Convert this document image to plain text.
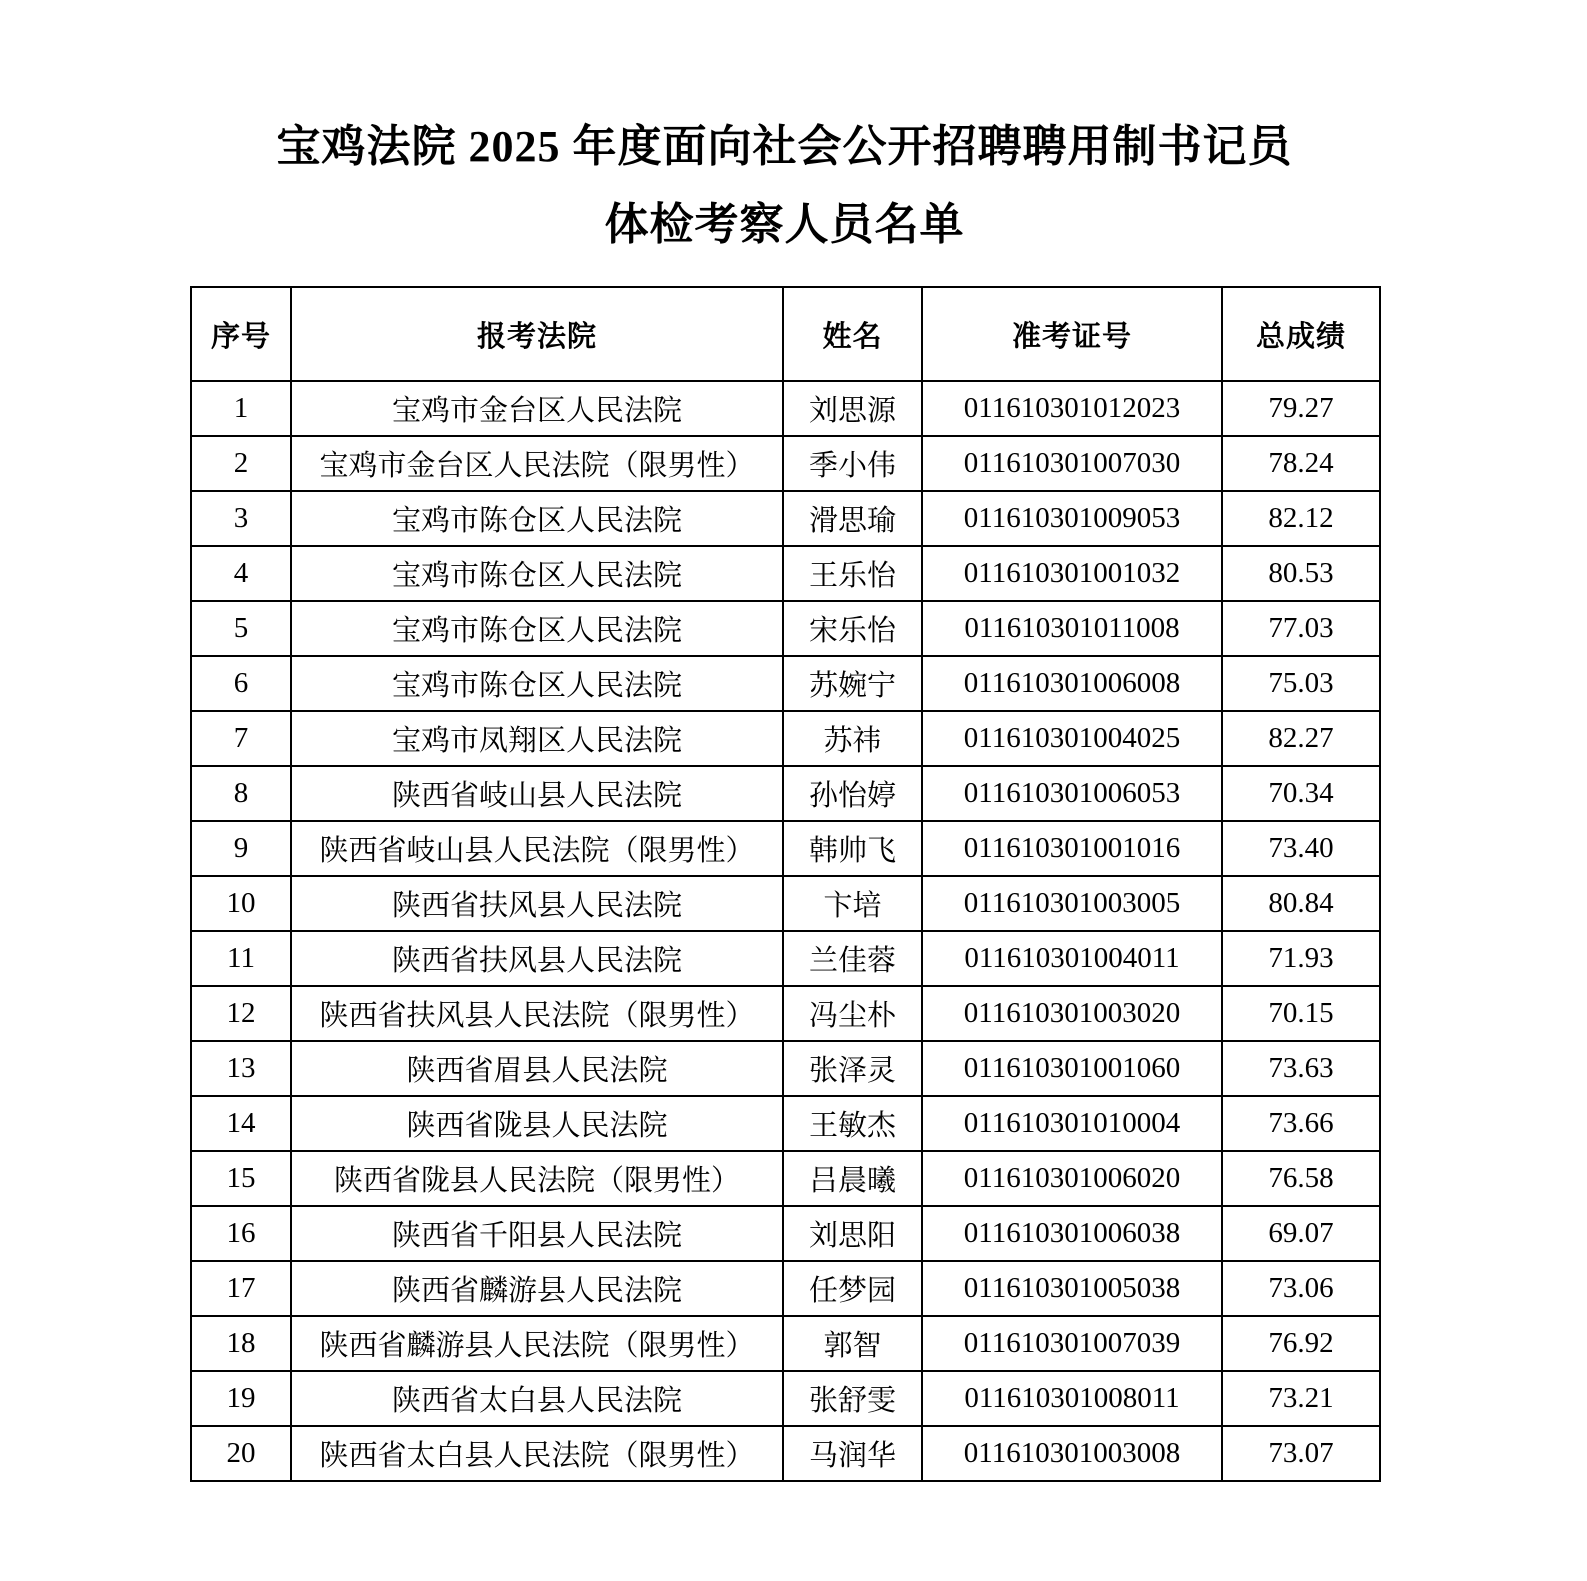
宝鸡法院 2025 年度面向社会公开招聘聘用制书记员
体检考察人员名单
序号	报考法院	姓名	准考证号	总成绩
1	宝鸡市金台区人民法院	刘思源	011610301012023	79.27
2	宝鸡市金台区人民法院（限男性）	季小伟	011610301007030	78.24
3	宝鸡市陈仓区人民法院	滑思瑜	011610301009053	82.12
4	宝鸡市陈仓区人民法院	王乐怡	011610301001032	80.53
5	宝鸡市陈仓区人民法院	宋乐怡	011610301011008	77.03
6	宝鸡市陈仓区人民法院	苏婉宁	011610301006008	75.03
7	宝鸡市凤翔区人民法院	苏祎	011610301004025	82.27
8	陕西省岐山县人民法院	孙怡婷	011610301006053	70.34
9	陕西省岐山县人民法院（限男性）	韩帅飞	011610301001016	73.40
10	陕西省扶风县人民法院	卞培	011610301003005	80.84
11	陕西省扶风县人民法院	兰佳蓉	011610301004011	71.93
12	陕西省扶风县人民法院（限男性）	冯尘朴	011610301003020	70.15
13	陕西省眉县人民法院	张泽灵	011610301001060	73.63
14	陕西省陇县人民法院	王敏杰	011610301010004	73.66
15	陕西省陇县人民法院（限男性）	吕晨曦	011610301006020	76.58
16	陕西省千阳县人民法院	刘思阳	011610301006038	69.07
17	陕西省麟游县人民法院	任梦园	011610301005038	73.06
18	陕西省麟游县人民法院（限男性）	郭智	011610301007039	76.92
19	陕西省太白县人民法院	张舒雯	011610301008011	73.21
20	陕西省太白县人民法院（限男性）	马润华	011610301003008	73.07
